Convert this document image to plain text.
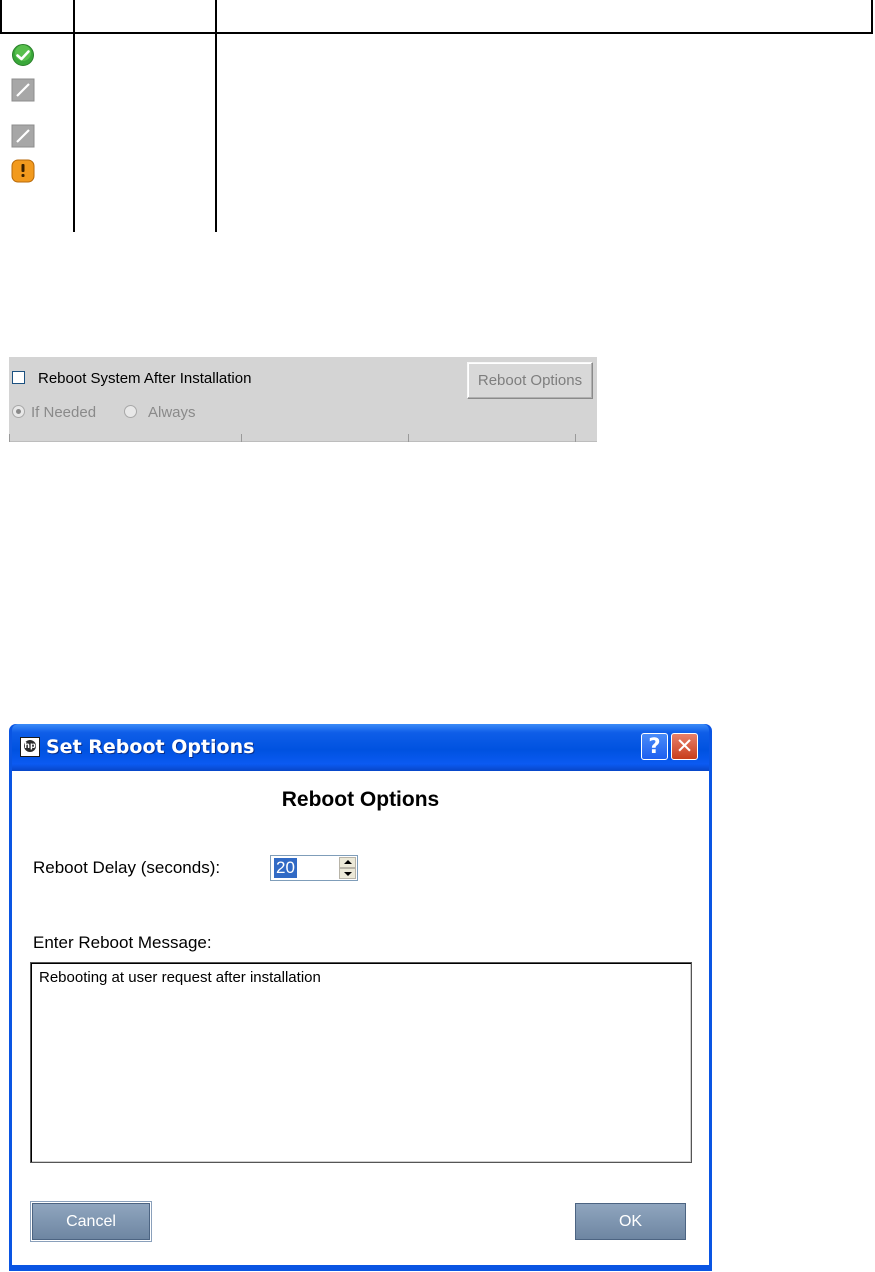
Reboot System After Installation	Reboot Options
If Needed	Always
hp Set Reboot Options	? ✕
Reboot Options
Reboot Delay (seconds):	20
Enter Reboot Message:
Rebooting at user request after installation
Cancel	OK
